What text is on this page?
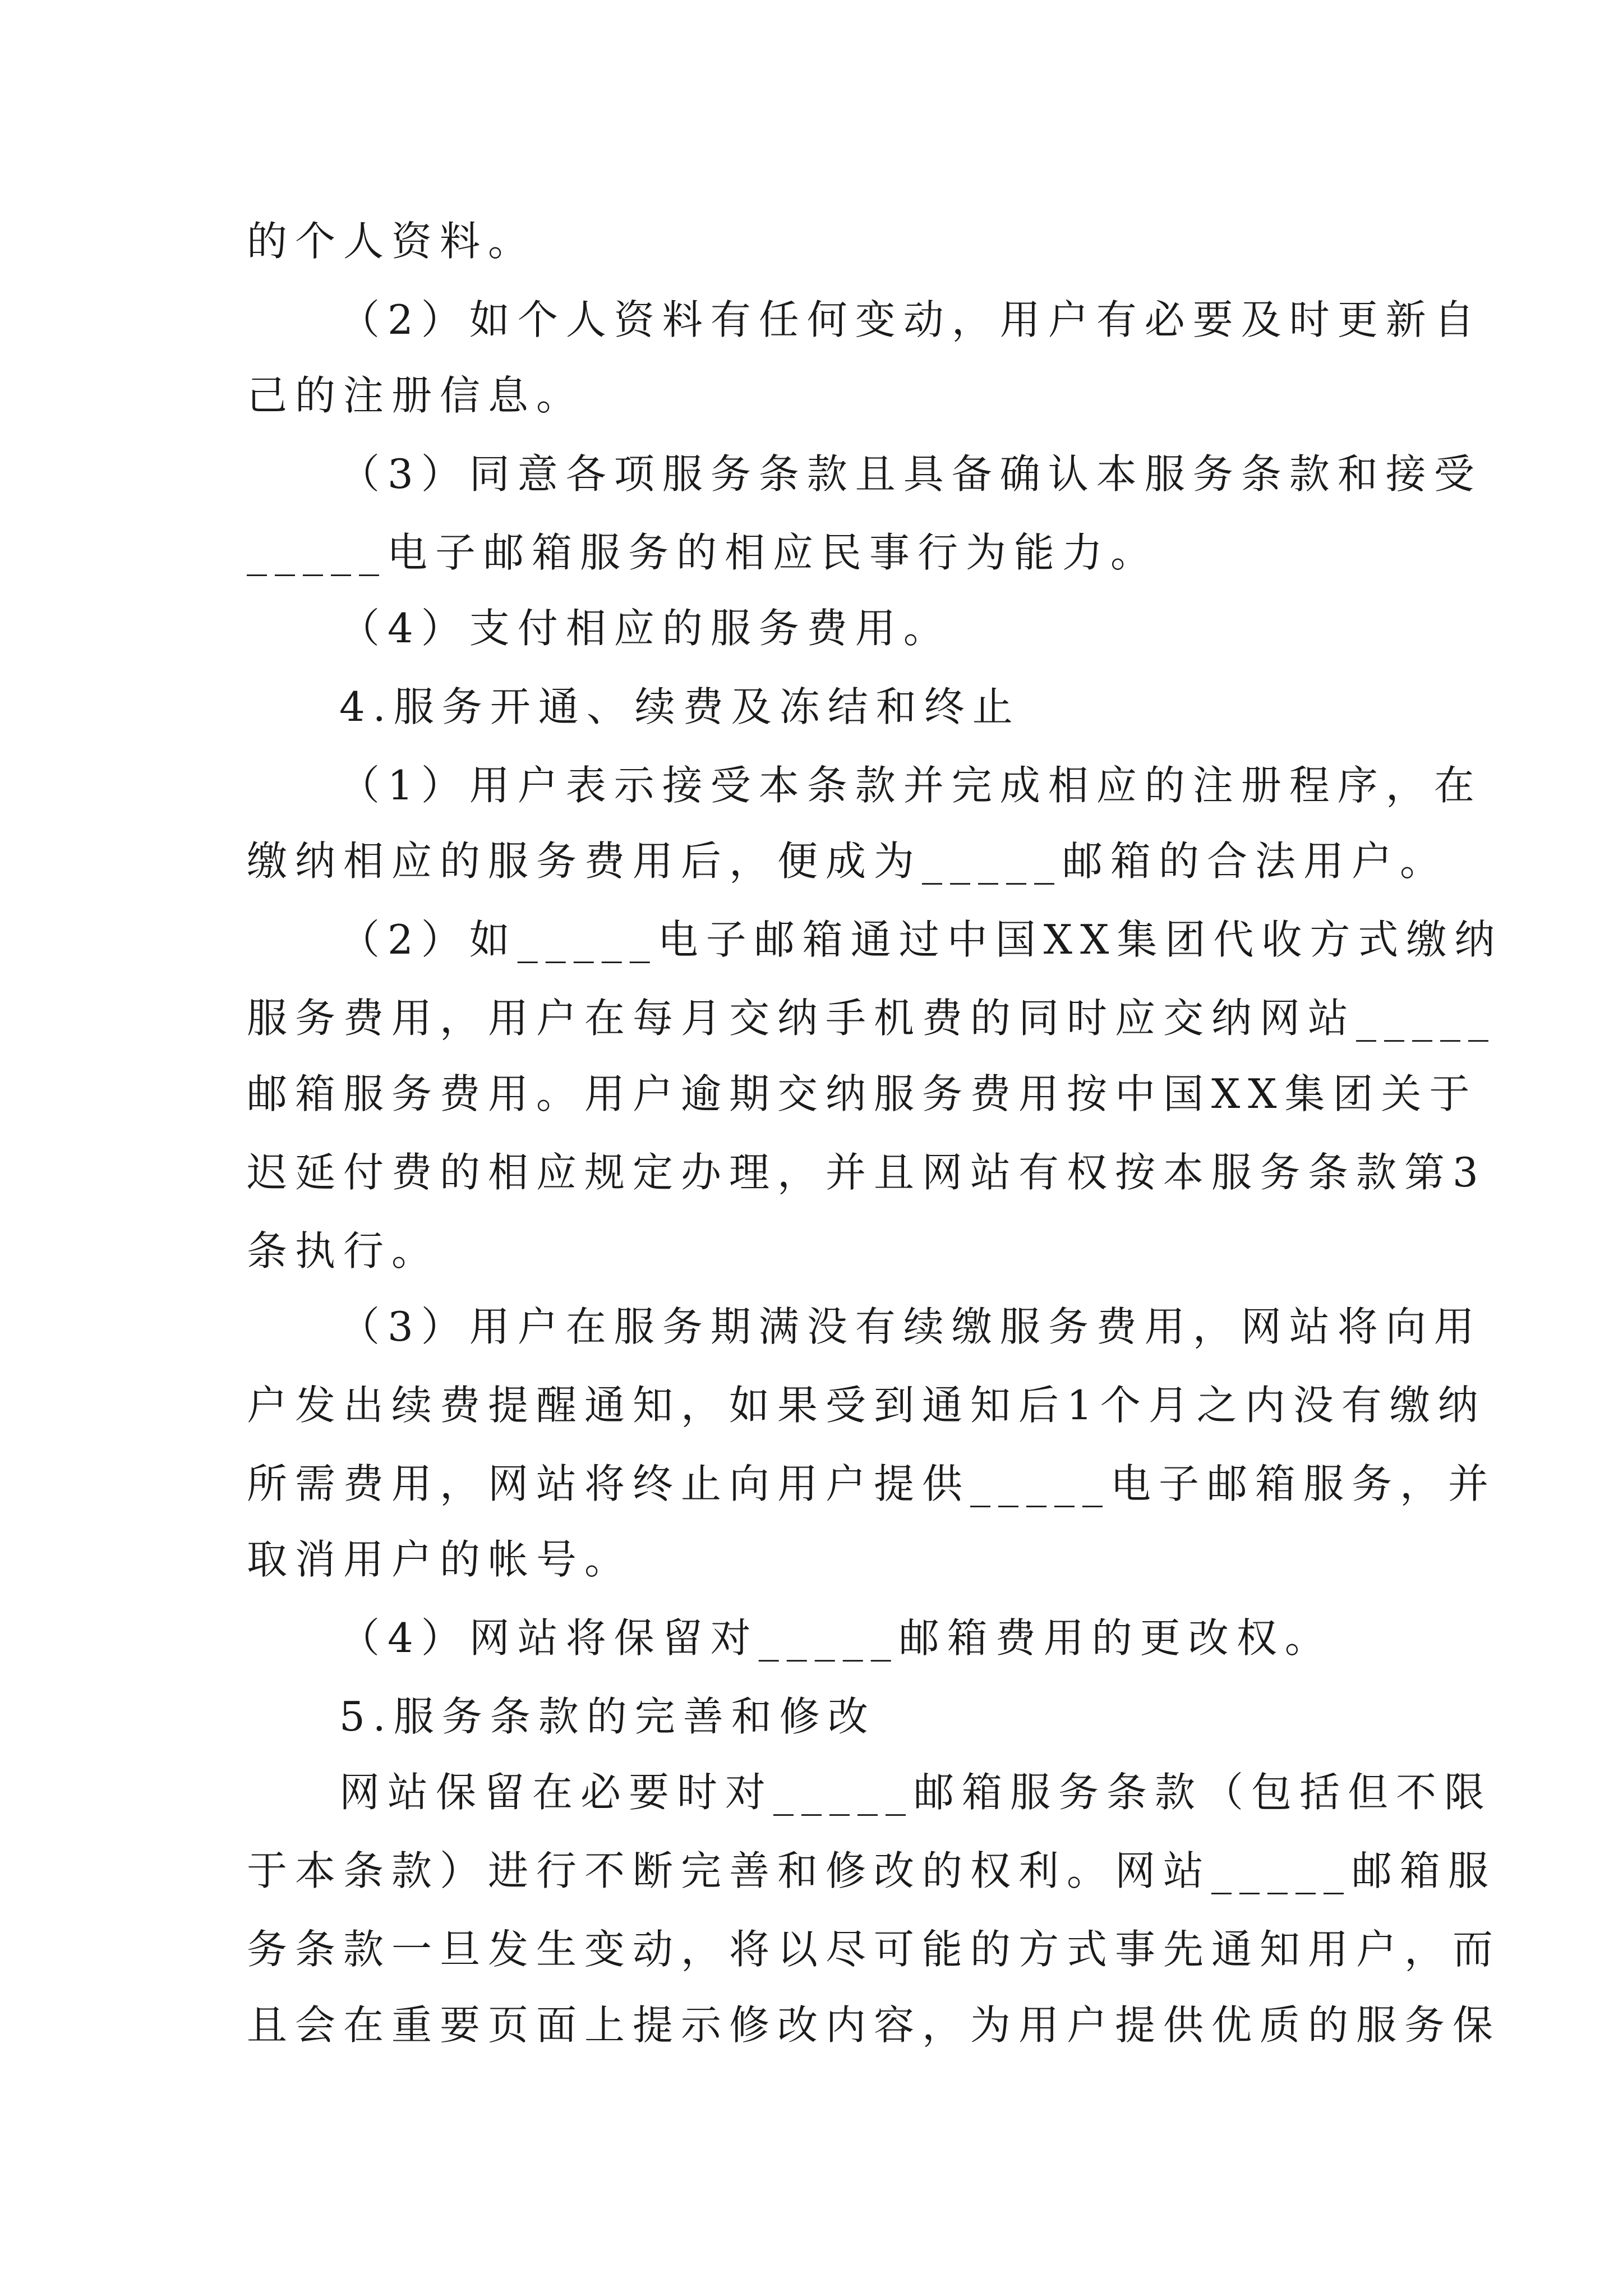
的个人资料。
（2）如个人资料有任何变动，用户有必要及时更新自
己的注册信息。
（3）同意各项服务条款且具备确认本服务条款和接受
_____电子邮箱服务的相应民事行为能力。
（4）支付相应的服务费用。
4.服务开通、续费及冻结和终止
（1）用户表示接受本条款并完成相应的注册程序，在
缴纳相应的服务费用后，便成为_____邮箱的合法用户。
（2）如_____电子邮箱通过中国XX集团代收方式缴纳
服务费用，用户在每月交纳手机费的同时应交纳网站_____
邮箱服务费用。用户逾期交纳服务费用按中国XX集团关于
迟延付费的相应规定办理，并且网站有权按本服务条款第3
条执行。
（3）用户在服务期满没有续缴服务费用，网站将向用
户发出续费提醒通知，如果受到通知后1个月之内没有缴纳
所需费用，网站将终止向用户提供_____电子邮箱服务，并
取消用户的帐号。
（4）网站将保留对_____邮箱费用的更改权。
5.服务条款的完善和修改
网站保留在必要时对_____邮箱服务条款（包括但不限
于本条款）进行不断完善和修改的权利。网站_____邮箱服
务条款一旦发生变动，将以尽可能的方式事先通知用户，而
且会在重要页面上提示修改内容，为用户提供优质的服务保
